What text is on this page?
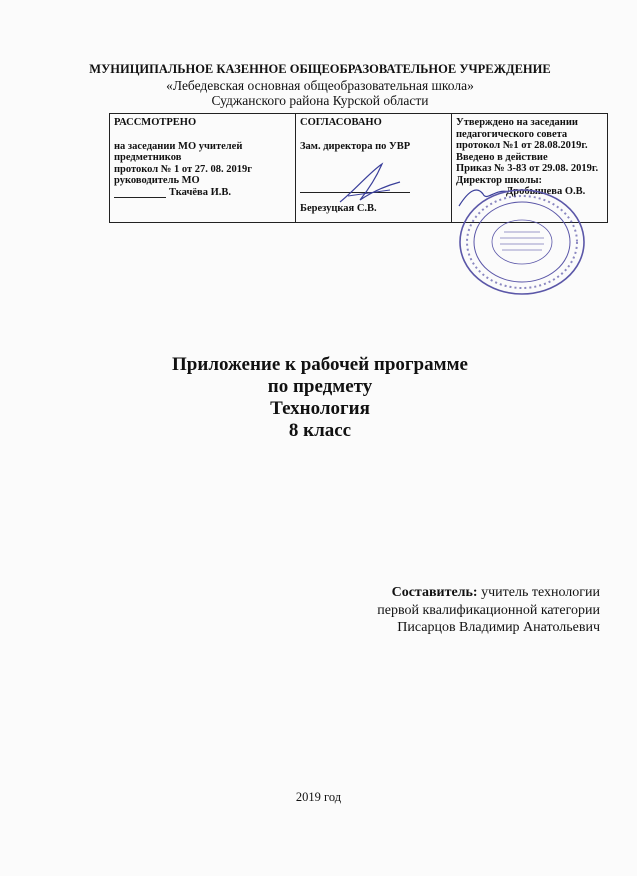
МУНИЦИПАЛЬНОЕ КАЗЕННОЕ ОБЩЕОБРАЗОВАТЕЛЬНОЕ УЧРЕЖДЕНИЕ
«Лебедевская основная общеобразовательная школа»
Суджанского района Курской области
РАССМОТРЕНО
на заседании МО учителей
предметников
протокол № 1 от 27. 08. 2019г
руководитель МО
Ткачёва И.В.

СОГЛАСОВАНО
Зам. директора по УВР
Березуцкая С.В.

Утверждено на заседании
педагогического совета
протокол №1 от 28.08.2019г.
Введено в действие
Приказ № 3-83 от 29.08. 2019г.
Директор школы:
Дробышева О.В.
Приложение к рабочей программе
по предмету
Технология
8 класс
Составитель: учитель технологии
первой квалификационной категории
Писарцов Владимир Анатольевич
2019 год
